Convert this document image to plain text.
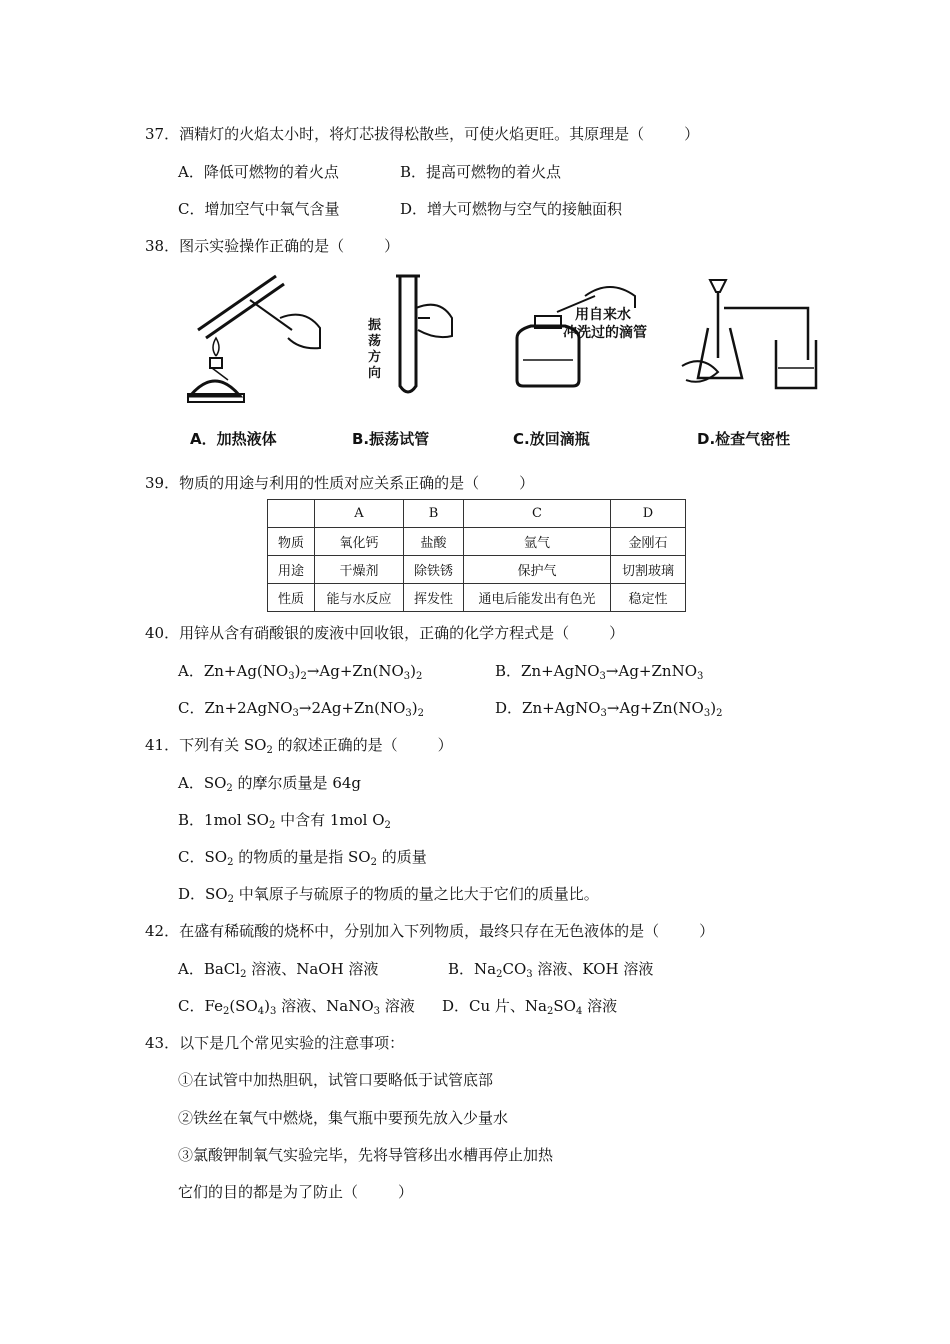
37．酒精灯的火焰太小时，将灯芯拔得松散些，可使火焰更旺。其原理是（	）
A．降低可燃物的着火点	B．提高可燃物的着火点
C．增加空气中氧气含量	D．增大可燃物与空气的接触面积
38．图示实验操作正确的是（	）
振
荡
方
向
用自来水
冲洗过的滴管
A．加热液体	B.振荡试管	C.放回滴瓶	D.检查气密性
39．物质的用途与利用的性质对应关系正确的是（	）
	A	B	C	D
物质	氧化钙	盐酸	氩气	金刚石
用途	干燥剂	除铁锈	保护气	切割玻璃
性质	能与水反应	挥发性	通电后能发出有色光	稳定性
40．用锌从含有硝酸银的废液中回收银，正确的化学方程式是（	）
A．$Zn+Ag(NO_3)_2\to Ag+Zn(NO_3)_2$	B．Zn+AgNO$_3$→Ag+ZnNO$_3$
C．$Zn+2AgNO_3\to 2Ag+Zn(NO_3)_2$	D．$Zn+AgNO_3\to Ag+Zn(NO_3)_2$
41．下列有关 $SO_2$ 的叙述正确的是（	）
A．$SO_2$ 的摩尔质量是 64g
B．1mol $SO_2$ 中含有 1mol $O_2$
C．$SO_2$ 的物质的量是指 $SO_2$ 的质量
D．$SO_2$ 中氧原子与硫原子的物质的量之比大于它们的质量比。
42．在盛有稀硫酸的烧杯中，分别加入下列物质，最终只存在无色液体的是（	）
A．BaCl$_2$ 溶液、NaOH 溶液	B．$Na_2CO_3$ 溶液、KOH 溶液
C．$Fe_2(SO_4)_3$ 溶液、NaNO$_3$ 溶液 D．Cu 片、$Na_2SO_4$ 溶液
43．以下是几个常见实验的注意事项：
①在试管中加热胆矾，试管口要略低于试管底部
②铁丝在氧气中燃烧，集气瓶中要预先放入少量水
③氯酸钾制氧气实验完毕，先将导管移出水槽再停止加热
它们的目的都是为了防止（	）
